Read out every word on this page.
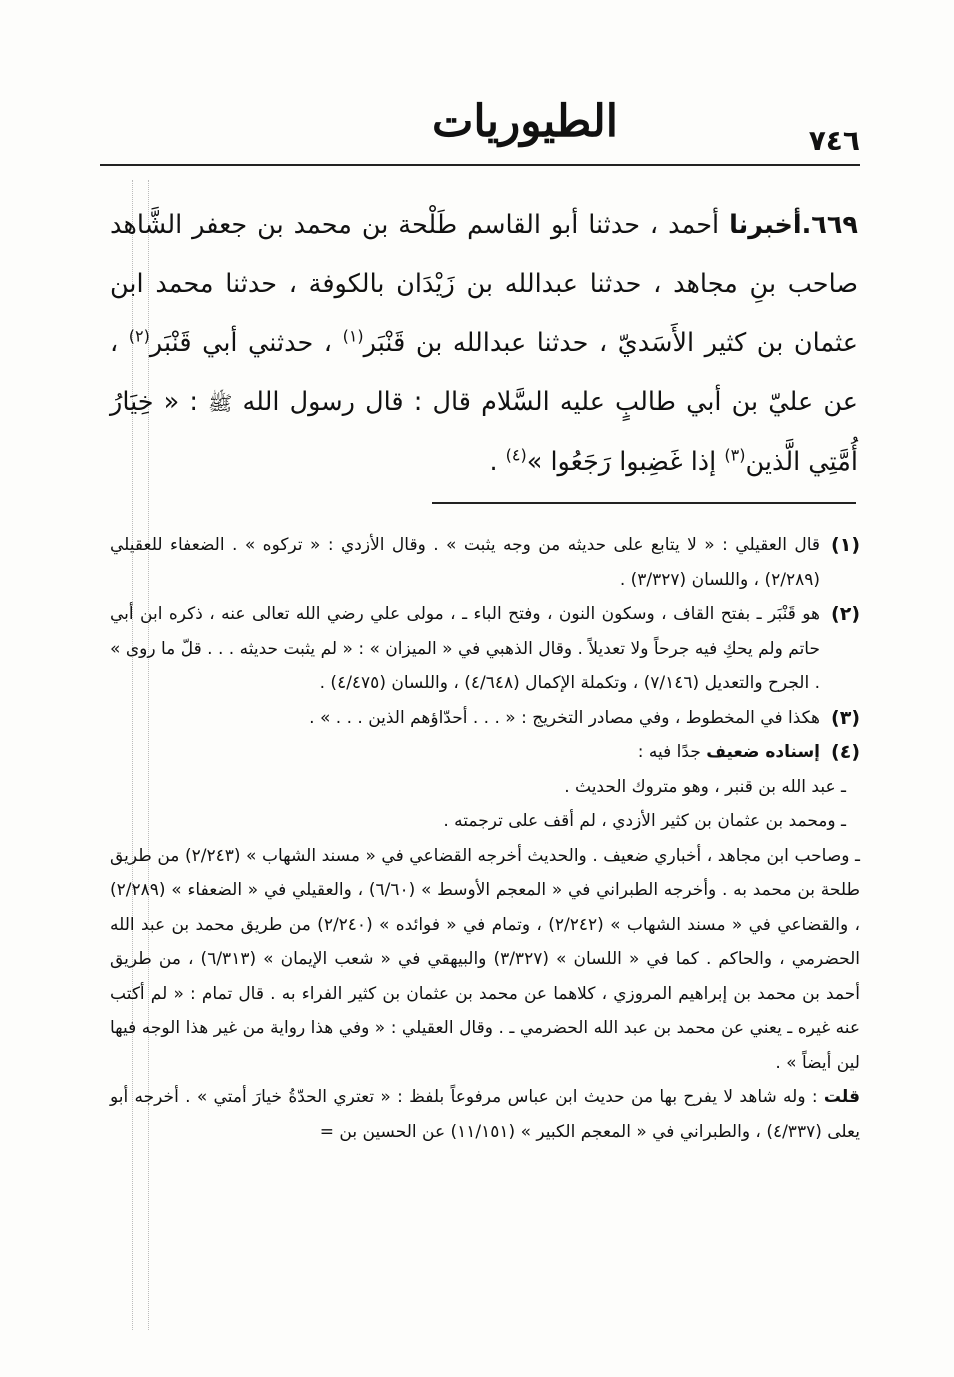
٧٤٦
الطيوريات
٦٦٩.أخبرنا أحمد ، حدثنا أبو القاسم طَلْحة بن محمد بن جعفر الشَّاهد صاحب بنِ مجاهد ، حدثنا عبدالله بن زَيْدَان بالكوفة ، حدثنا محمد ابن عثمان بن كثير الأَسَديّ ، حدثنا عبدالله بن قَنْبَر$^{(١)}$ ، حدثني أبي قَنْبَر$^{(٢)}$ ، عن عليّ بن أبي طالبٍ عليه السَّلام قال : قال رسول الله ﷺ : « خِيَارُ أُمَّتِي الَّذين$^{(٣)}$ إذا غَضِبوا رَجَعُوا »$^{(٤)}$ .
(١)
قال العقيلي : « لا يتابع على حديثه من وجه يثبت » . وقال الأزدي : « تركوه » . الضعفاء للعقيلي (٢/٢٨٩) ، واللسان (٣/٣٢٧) .
(٢)
هو قَنْبَر ـ بفتح القاف ، وسكون النون ، وفتح الباء ـ ، مولى علي رضي الله تعالى عنه ، ذكره ابن أبي حاتم ولم يحكِ فيه جرحاً ولا تعديلاً . وقال الذهبي في « الميزان » : « لم يثبت حديثه . . . قلّ ما روى » . الجرح والتعديل (٧/١٤٦) ، وتكملة الإكمال (٤/٦٤٨) ، واللسان (٤/٤٧٥) .
(٣)
هكذا في المخطوط ، وفي مصادر التخريج : « . . . أحدّاؤهم الذين . . . » .
(٤)
إسناده ضعيف جدًا فيه :
ـ عبد الله بن قنبر ، وهو متروك الحديث .
ـ ومحمد بن عثمان بن كثير الأزدي ، لم أقف على ترجمته .
ـ وصاحب ابن مجاهد ، أخباري ضعيف . والحديث أخرجه القضاعي في « مسند الشهاب » (٢/٢٤٣) من طريق طلحة بن محمد به . وأخرجه الطبراني في « المعجم الأوسط » (٦/٦٠) ، والعقيلي في « الضعفاء » (٢/٢٨٩) ، والقضاعي في « مسند الشهاب » (٢/٢٤٢) ، وتمام في « فوائده » (٢/٢٤٠) من طريق محمد بن عبد الله الحضرمي ، والحاكم . كما في « اللسان » (٣/٣٢٧) والبيهقي في « شعب الإيمان » (٦/٣١٣) ، من طريق أحمد بن محمد بن إبراهيم المروزي ، كلاهما عن محمد بن عثمان بن كثير الفراء به . قال تمام : « لم أكتب عنه غيره ـ يعني عن محمد بن عبد الله الحضرمي ـ . وقال العقيلي : « وفي هذا رواية من غير هذا الوجه فيها لين أيضاً » .
قلت : وله شاهد لا يفرح بها من حديث ابن عباس مرفوعاً بلفظ : « تعتري الحدّةُ خيارَ أمتي » . أخرجه أبو يعلى (٤/٣٣٧) ، والطبراني في « المعجم الكبير » (١١/١٥١) عن الحسين بن =
